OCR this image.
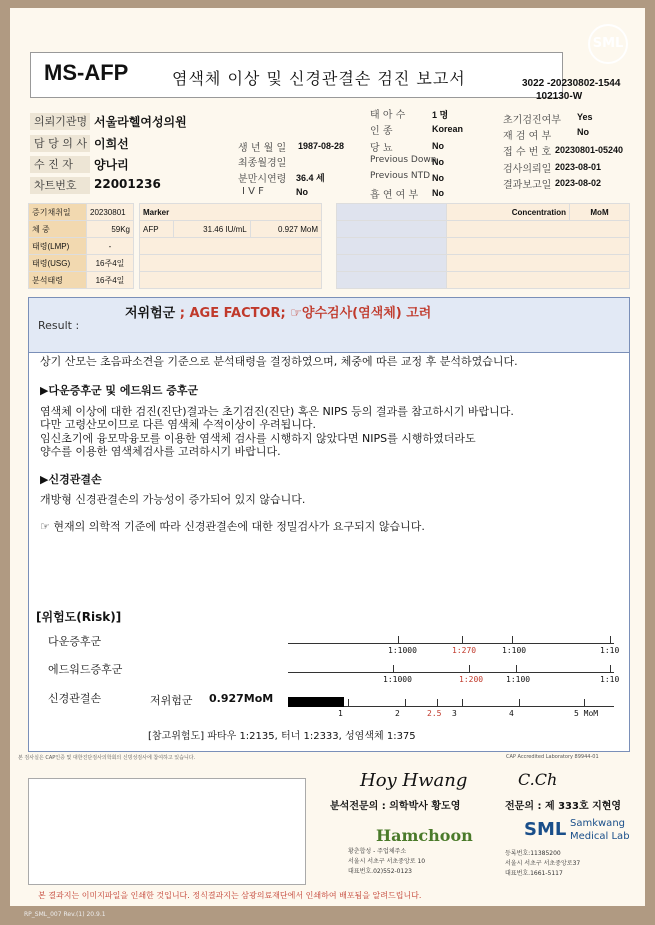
SML
MS-AFP	염색체 이상 및 신경관결손 검진 보고서	3022 -20230802-1544
102130-W
의뢰기관명 서울라헬여성의원
담 당 의 사 이희선
수 진 자	양나리
차트번호	22001236
생 년 월 일 1987-08-28
최종월경일
분만시연령 36.4 세
I V F	No
태 아 수	1 명
인 종	Korean
당 뇨	No
Previous Down
No
Previous NTD No
흡 연 여 부 No
초기검진여부 Yes
재 검 여 부	No
접 수 번 호 20230801-05240
검사의뢰일 2023-08-01
결과보고일 2023-08-02
증기채취일	20230801
체 중	59Kg
태령(LMP)	-
태령(USG)	16주4일
분석태령	16주4일
Marker
AFP	31.46 IU/mL	0.927 MoM

	Concentration	MoM

Result :
저위험군 ; AGE FACTOR; ☞양수검사(염색체) 고려
상기 산모는 초음파소견을 기준으로 분석태령을 결정하였으며, 체중에 따른 교정 후 분석하였습니다.
▶다운증후군 및 에드워드 증후군
염색체 이상에 대한 검진(진단)결과는 초기검진(진단) 혹은 NIPS 등의 결과를 참고하시기 바랍니다.
다만 고령산모이므로 다른 염색체 수적이상이 우려됩니다.
임신초기에 융모막융모를 이용한 염색체 검사를 시행하지 않았다면 NIPS를 시행하였더라도
양수를 이용한 염색체검사를 고려하시기 바랍니다.
▶신경관결손
개방형 신경관결손의 가능성이 증가되어 있지 않습니다.
☞ 현재의 의학적 기준에 따라 신경관결손에 대한 정밀검사가 요구되지 않습니다.
[위험도(Risk)]
다운증후군
에드워드증후군
신경관결손	저위험군 0.927MoM
1:1000	1:270	1:100	1:10
1:1000	1:200	1:100	1:10
1	2	2.5 3	4	5 MoM
[참고위험도] 파타우 1:2135, 터너 1:2333, 성염색체 1:375
본 검사실은 CAP인증 및 대한진단검사의학회의 신빙성검사에 참여하고 있습니다.	CAP Accredited Laboratory 89944-01
Hoy Hwang	C.Ch
분석전문의 : 의학박사 황도영	전문의 : 제 333호 지현영
Hamchoon
황춘합성 - 주업체주소
서울시 서초구 서초중앙로 10
대표번호.02)552-0123
SML Samkwang
Medical Lab
등록번호:11385200
서울시 서초구 서초중앙로37
대표번호.1661-5117
본 결과지는 이미지파일을 인쇄한 것입니다. 정식결과지는 삼광의료재단에서 인쇄하여 배포됨을 알려드립니다.
RP_SML_007 Rev.(1) 20.9.1
